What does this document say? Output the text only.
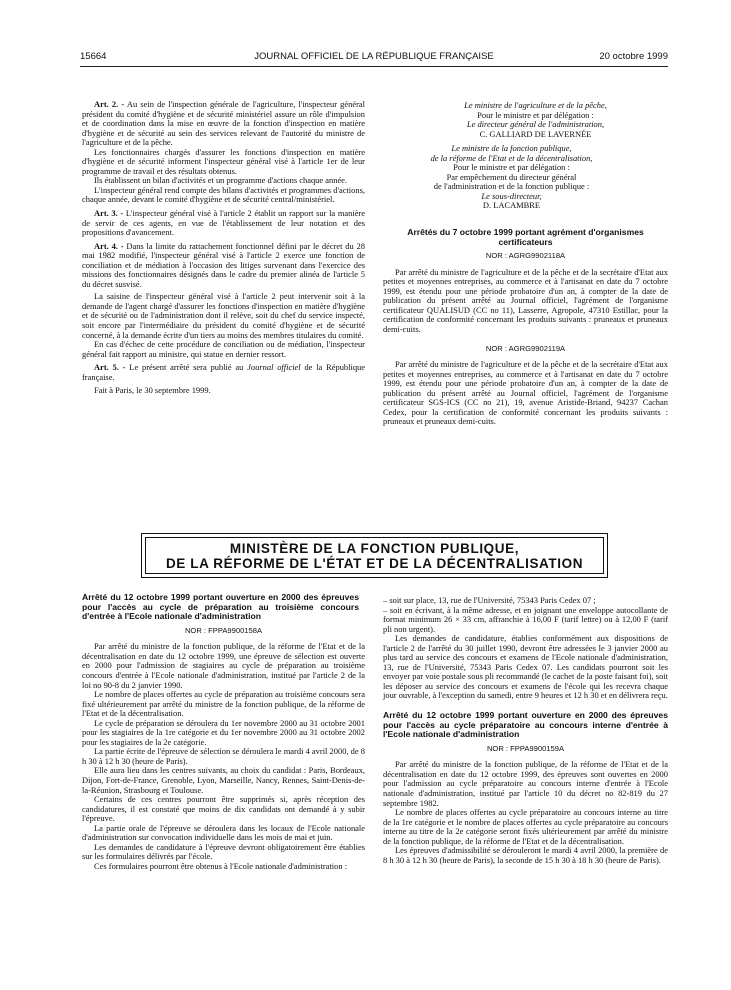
15664	JOURNAL OFFICIEL DE LA RÉPUBLIQUE FRANÇAISE	20 octobre 1999

Art. 2. - Au sein de l'inspection générale de l'agriculture, l'inspecteur général président du comité d'hygiène et de sécurité ministériel assure un rôle d'impulsion et de coordination dans la mise en œuvre de la fonction d'inspection en matière d'hygiène et de sécurité au sein des services relevant de l'autorité du ministre de l'agriculture et de la pêche.

Les fonctionnaires chargés d'assurer les fonctions d'inspection en matière d'hygiène et de sécurité informent l'inspecteur général visé à l'article 1er de leur programme de travail et des résultats obtenus.

Ils établissent un bilan d'activités et un programme d'actions chaque année.

L'inspecteur général rend compte des bilans d'activités et programmes d'actions, chaque année, devant le comité d'hygiène et de sécurité central/ministériel.

Art. 3. - L'inspecteur général visé à l'article 2 établit un rapport sur la manière de servir de ces agents, en vue de l'établissement de leur notation et des propositions d'avancement.

Art. 4. - Dans la limite du rattachement fonctionnel défini par le décret du 28 mai 1982 modifié, l'inspecteur général visé à l'article 2 exerce une fonction de conciliation et de médiation à l'occasion des litiges survenant dans l'exercice des missions des fonctionnaires désignés dans le cadre du premier alinéa de l'article 5 du décret susvisé.

La saisine de l'inspecteur général visé à l'article 2 peut intervenir soit à la demande de l'agent chargé d'assurer les fonctions d'inspection en matière d'hygiène et de sécurité ou de l'administration dont il relève, soit du chef du service inspecté, soit encore par l'intermédiaire du président du comité d'hygiène et de sécurité concerné, à la demande écrite d'un tiers au moins des membres titulaires du comité.

En cas d'échec de cette procédure de conciliation ou de médiation, l'inspecteur général fait rapport au ministre, qui statue en dernier ressort.

Art. 5. - Le présent arrêté sera publié au Journal officiel de la République française.

Fait à Paris, le 30 septembre 1999.

Le ministre de l'agriculture et de la pêche,
Pour le ministre et par délégation :
Le directeur général de l'administration,
C. GALLIARD DE LAVERNÉE
Le ministre de la fonction publique,
de la réforme de l'Etat et de la décentralisation,
Pour le ministre et par délégation :
Par empêchement du directeur général
de l'administration et de la fonction publique :
Le sous-directeur,
D. LACAMBRE
Arrêtés du 7 octobre 1999 portant agrément d'organismes certificateurs
NOR : AGRG9902118A

Par arrêté du ministre de l'agriculture et de la pêche et de la secrétaire d'Etat aux petites et moyennes entreprises, au commerce et à l'artisanat en date du 7 octobre 1999, est étendu pour une période probatoire d'un an, à compter de la date de publication du présent arrêté au Journal officiel, l'agrément de l'organisme certificateur QUALISUD (CC no 11), Lasserre, Agropole, 47310 Estillac, pour la certification de conformité concernant les produits suivants : pruneaux et pruneaux demi-cuits.

NOR : AGRG9902119A

Par arrêté du ministre de l'agriculture et de la pêche et de la secrétaire d'Etat aux petites et moyennes entreprises, au commerce et à l'artisanat en date du 7 octobre 1999, est étendu pour une période probatoire d'un an, à compter de la date de publication du présent arrêté au Journal officiel, l'agrément de l'organisme certificateur SGS-ICS (CC no 21), 19, avenue Aristide-Briand, 94237 Cachan Cedex, pour la certification de conformité concernant les produits suivants : pruneaux et pruneaux demi-cuits.

MINISTÈRE DE LA FONCTION PUBLIQUE,
DE LA RÉFORME DE L'ÉTAT ET DE LA DÉCENTRALISATION
Arrêté du 12 octobre 1999 portant ouverture en 2000 des épreuves pour l'accès au cycle de préparation au troisième concours d'entrée à l'Ecole nationale d'administration
NOR : FPPA9900158A

Par arrêté du ministre de la fonction publique, de la réforme de l'Etat et de la décentralisation en date du 12 octobre 1999, une épreuve de sélection est ouverte en 2000 pour l'admission de stagiaires au cycle de préparation au troisième concours d'entrée à l'Ecole nationale d'administration, institué par l'article 2 de la loi no 90-8 du 2 janvier 1990.

Le nombre de places offertes au cycle de préparation au troisième concours sera fixé ultérieurement par arrêté du ministre de la fonction publique, de la réforme de l'Etat et de la décentralisation.

Le cycle de préparation se déroulera du 1er novembre 2000 au 31 octobre 2001 pour les stagiaires de la 1re catégorie et du 1er novembre 2000 au 31 octobre 2002 pour les stagiaires de la 2e catégorie.

La partie écrite de l'épreuve de sélection se déroulera le mardi 4 avril 2000, de 8 h 30 à 12 h 30 (heure de Paris).

Elle aura lieu dans les centres suivants, au choix du candidat : Paris, Bordeaux, Dijon, Fort-de-France, Grenoble, Lyon, Marseille, Nancy, Rennes, Saint-Denis-de-la-Réunion, Strasbourg et Toulouse.

Certains de ces centres pourront être supprimés si, après réception des candidatures, il est constaté que moins de dix candidats ont demandé à y subir l'épreuve.

La partie orale de l'épreuve se déroulera dans les locaux de l'Ecole nationale d'administration sur convocation individuelle dans les mois de mai et juin.

Les demandes de candidature à l'épreuve devront obligatoirement être établies sur les formulaires délivrés par l'école.

Ces formulaires pourront être obtenus à l'Ecole nationale d'administration :

– soit sur place, 13, rue de l'Université, 75343 Paris Cedex 07 ;

– soit en écrivant, à la même adresse, et en joignant une enveloppe autocollante de format minimum 26 × 33 cm, affranchie à 16,00 F (tarif lettre) ou à 12,00 F (tarif pli non urgent).

Les demandes de candidature, établies conformément aux dispositions de l'article 2 de l'arrêté du 30 juillet 1990, devront être adressées le 3 janvier 2000 au plus tard au service des concours et examens de l'Ecole nationale d'administration, 13, rue de l'Université, 75343 Paris Cedex 07. Les candidats pourront soit les envoyer par voie postale sous pli recommandé (le cachet de la poste faisant foi), soit les déposer au service des concours et examens de l'école qui les recevra chaque jour ouvrable, à l'exception du samedi, entre 9 heures et 12 h 30 et en délivrera reçu.

Arrêté du 12 octobre 1999 portant ouverture en 2000 des épreuves pour l'accès au cycle préparatoire au concours interne d'entrée à l'Ecole nationale d'administration
NOR : FPPA9900159A

Par arrêté du ministre de la fonction publique, de la réforme de l'Etat et de la décentralisation en date du 12 octobre 1999, des épreuves sont ouvertes en 2000 pour l'admission au cycle préparatoire au concours interne d'entrée à l'Ecole nationale d'administration, institué par l'article 10 du décret no 82-819 du 27 septembre 1982.

Le nombre de places offertes au cycle préparatoire au concours interne au titre de la 1re catégorie et le nombre de places offertes au cycle préparatoire au concours interne au titre de la 2e catégorie seront fixés ultérieurement par arrêté du ministre de la fonction publique, de la réforme de l'Etat et de la décentralisation.

Les épreuves d'admissibilité se dérouleront le mardi 4 avril 2000, la première de 8 h 30 à 12 h 30 (heure de Paris), la seconde de 15 h 30 à 18 h 30 (heure de Paris).
